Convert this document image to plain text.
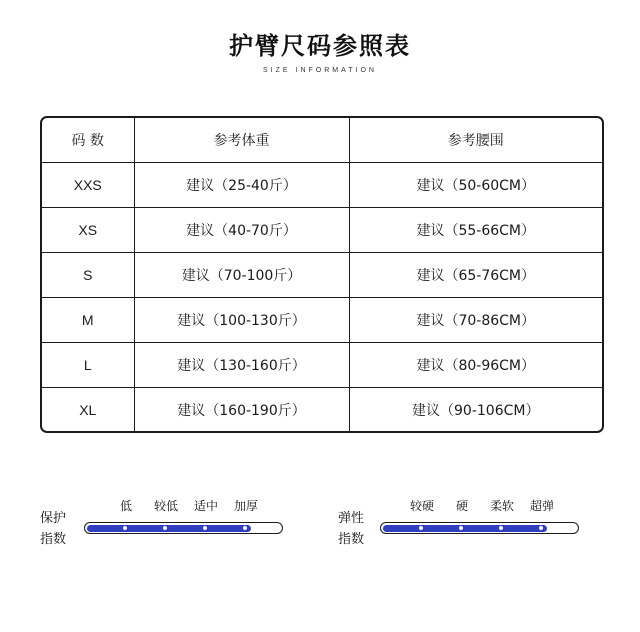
护臂尺码参照表
SIZE INFORMATION
码 数	参考体重	参考腰围
XXS	建议（25-40斤）	建议（50-60CM）
XS	建议（40-70斤）	建议（55-66CM）
S	建议（70-100斤）	建议（65-76CM）
M	建议（100-130斤）	建议（70-86CM）
L	建议（130-160斤）	建议（80-96CM）
XL	建议（160-190斤）	建议（90-106CM）
保护
指数
低 较低 适中 加厚
弹性
指数
较硬 硬 柔软 超弹
